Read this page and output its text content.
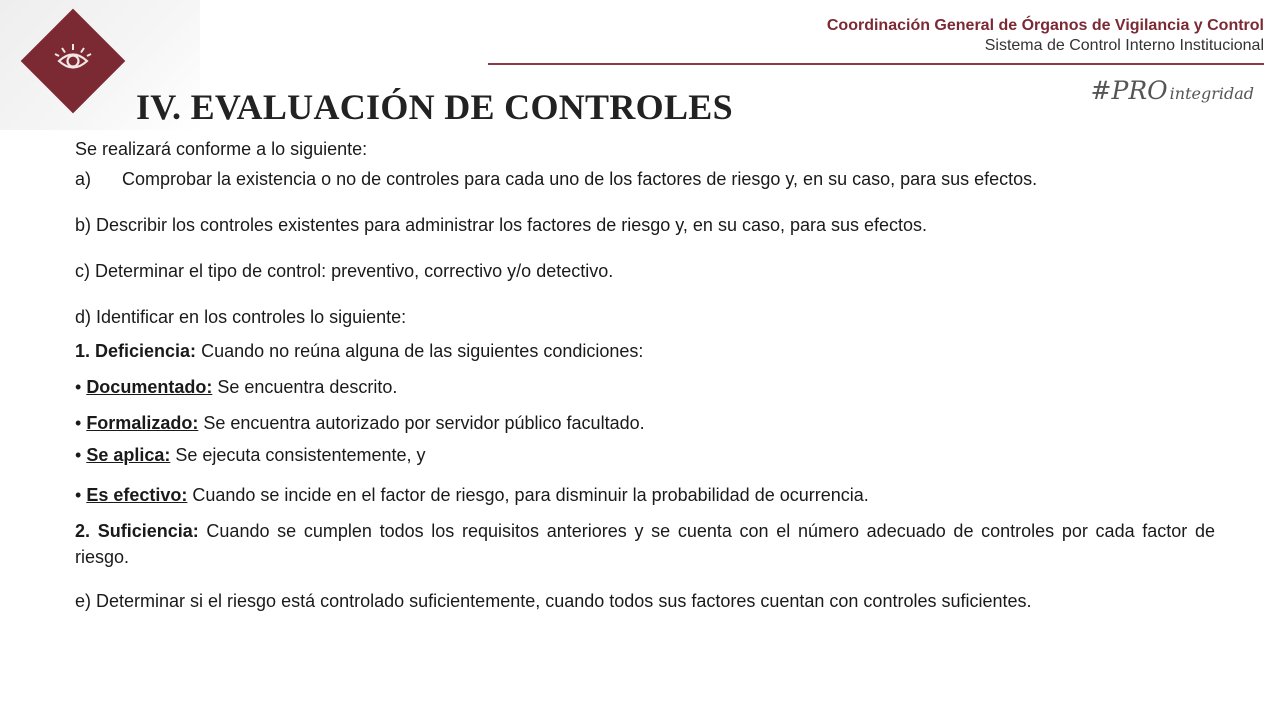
Coordinación General de Órganos de Vigilancia y Control
Sistema de Control Interno Institucional
#PRO integridad
IV. EVALUACIÓN DE CONTROLES

Se realizará conforme a lo siguiente:

a)	Comprobar la existencia o no de controles para cada uno de los factores de riesgo y, en su caso, para sus efectos.

b) Describir los controles existentes para administrar los factores de riesgo y, en su caso, para sus efectos.

c) Determinar el tipo de control: preventivo, correctivo y/o detectivo.

d) Identificar en los controles lo siguiente:

1. Deficiencia: Cuando no reúna alguna de las siguientes condiciones:

• Documentado: Se encuentra descrito.

• Formalizado: Se encuentra autorizado por servidor público facultado.

• Se aplica: Se ejecuta consistentemente, y

• Es efectivo: Cuando se incide en el factor de riesgo, para disminuir la probabilidad de ocurrencia.

2. Suficiencia: Cuando se cumplen todos los requisitos anteriores y se cuenta con el número adecuado de controles por cada factor de riesgo.

e) Determinar si el riesgo está controlado suficientemente, cuando todos sus factores cuentan con controles suficientes.
